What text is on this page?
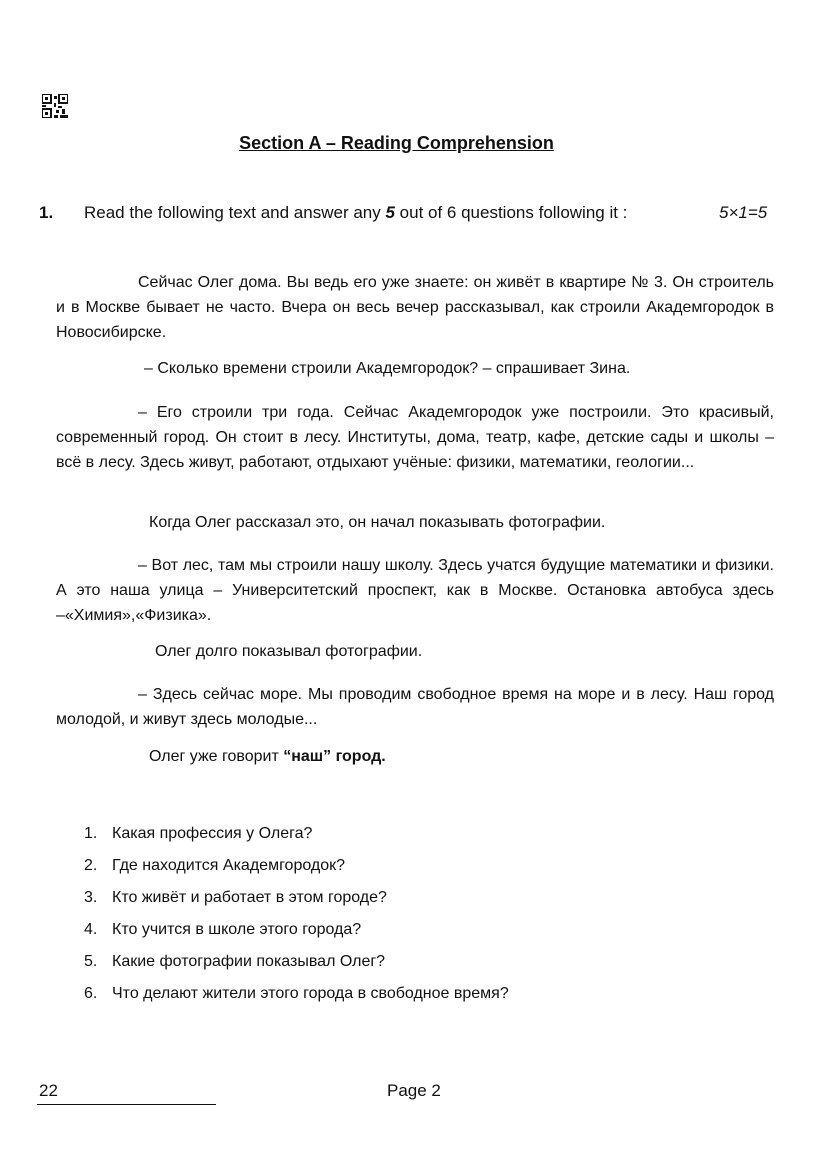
Section A – Reading Comprehension
1. Read the following text and answer any 5 out of 6 questions following it :	5×1=5
Сейчас Олег дома. Вы ведь его уже знаете: он живёт в квартире № 3. Он строитель и в Москве бывает не часто. Вчера он весь вечер рассказывал, как строили Академгородок в Новосибирске.
– Сколько времени строили Академгородок? – спрашивает Зина.
– Его строили три года. Сейчас Академгородок уже построили. Это красивый, современный город. Он стоит в лесу. Институты, дома, театр, кафе, детские сады и школы – всё в лесу. Здесь живут, работают, отдыхают учёные: физики, математики, геологии...
Когда Олег рассказал это, он начал показывать фотографии.
– Вот лес, там мы строили нашу школу. Здесь учатся будущие математики и физики. А это наша улица – Университетский проспект, как в Москве. Остановка автобуса здесь –«Химия»,«Физика».
Олег долго показывал фотографии.
– Здесь сейчас море. Мы проводим свободное время на море и в лесу. Наш город молодой, и живут здесь молодые...
Олег уже говорит “наш” город.
1. Какая профессия у Олега?
2. Где находится Академгородок?
3. Кто живёт и работает в этом городе?
4. Кто учится в школе этого города?
5. Какие фотографии показывал Олег?
6. Что делают жители этого города в свободное время?
22	Page 2
